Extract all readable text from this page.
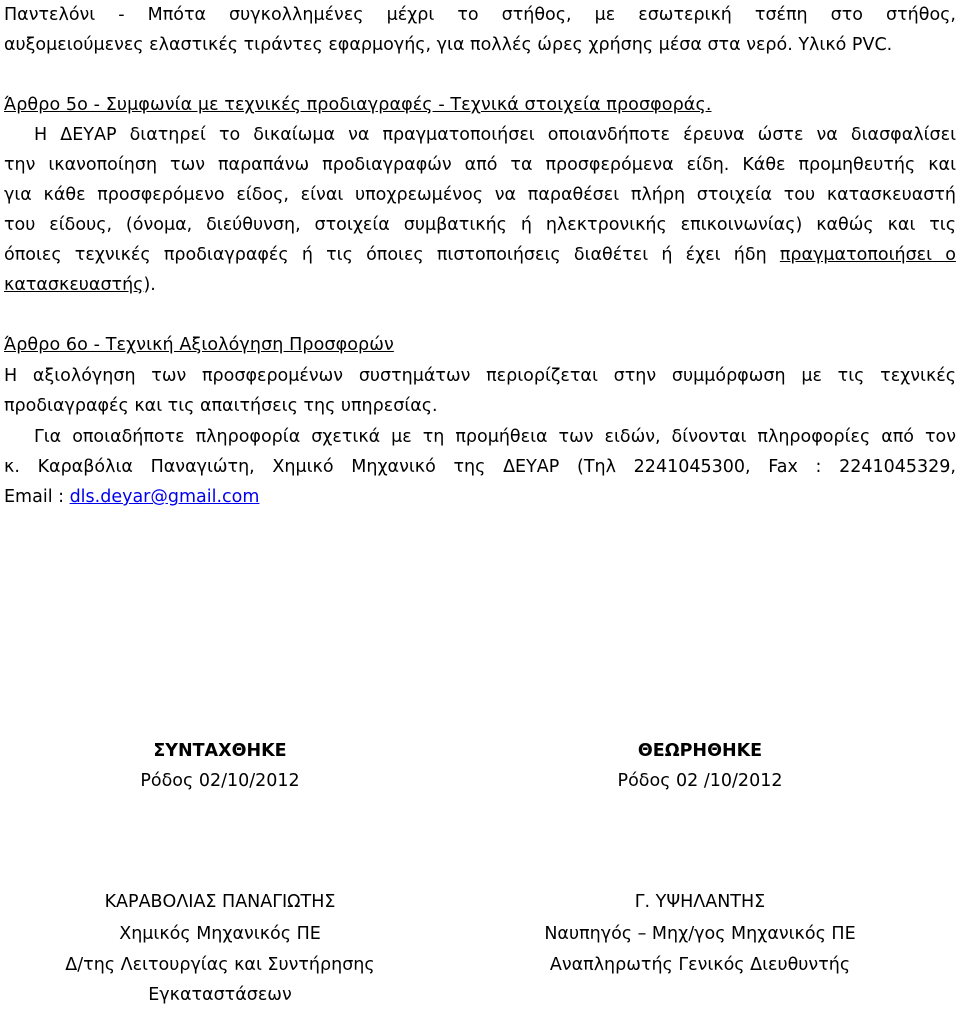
Παντελόνι - Μπότα συγκολλημένες μέχρι το στήθος, με εσωτερική τσέπη στο στήθος,
αυξομειούμενες ελαστικές τιράντες εφαρμογής, για πολλές ώρες χρήσης μέσα στα νερό. Υλικό PVC.
Άρθρο 5ο - Συμφωνία με τεχνικές προδιαγραφές - Τεχνικά στοιχεία προσφοράς.
Η ΔΕΥΑΡ διατηρεί το δικαίωμα να πραγματοποιήσει οποιανδήποτε έρευνα ώστε να διασφαλίσει
την ικανοποίηση των παραπάνω προδιαγραφών από τα προσφερόμενα είδη. Κάθε προμηθευτής και
για κάθε προσφερόμενο είδος, είναι υποχρεωμένος να παραθέσει πλήρη στοιχεία του κατασκευαστή
του είδους, (όνομα, διεύθυνση, στοιχεία συμβατικής ή ηλεκτρονικής επικοινωνίας) καθώς και τις
όποιες τεχνικές προδιαγραφές ή τις όποιες πιστοποιήσεις διαθέτει ή έχει ήδη πραγματοποιήσει ο
κατασκευαστής).
Άρθρο 6ο - Τεχνική Αξιολόγηση Προσφορών
Η αξιολόγηση των προσφερομένων συστημάτων περιορίζεται στην συμμόρφωση με τις τεχνικές
προδιαγραφές και τις απαιτήσεις της υπηρεσίας.
Για οποιαδήποτε πληροφορία σχετικά με τη προμήθεια των ειδών, δίνονται πληροφορίες από τον
κ. Καραβόλια Παναγιώτη, Χημικό Μηχανικό της ΔΕΥΑΡ (Τηλ 2241045300, Fax : 2241045329,
Email : dls.deyar@gmail.com
ΣΥΝΤΑΧΘΗΚΕ
Ρόδος 02/10/2012
ΚΑΡΑΒΟΛΙΑΣ ΠΑΝΑΓΙΩΤΗΣ
Χημικός Μηχανικός ΠΕ
Δ/της Λειτουργίας και Συντήρησης
Εγκαταστάσεων
ΘΕΩΡΗΘΗΚΕ
Ρόδος 02 /10/2012
Γ. ΥΨΗΛΑΝΤΗΣ
Ναυπηγός – Μηχ/γος Μηχανικός ΠΕ
Αναπληρωτής Γενικός Διευθυντής
